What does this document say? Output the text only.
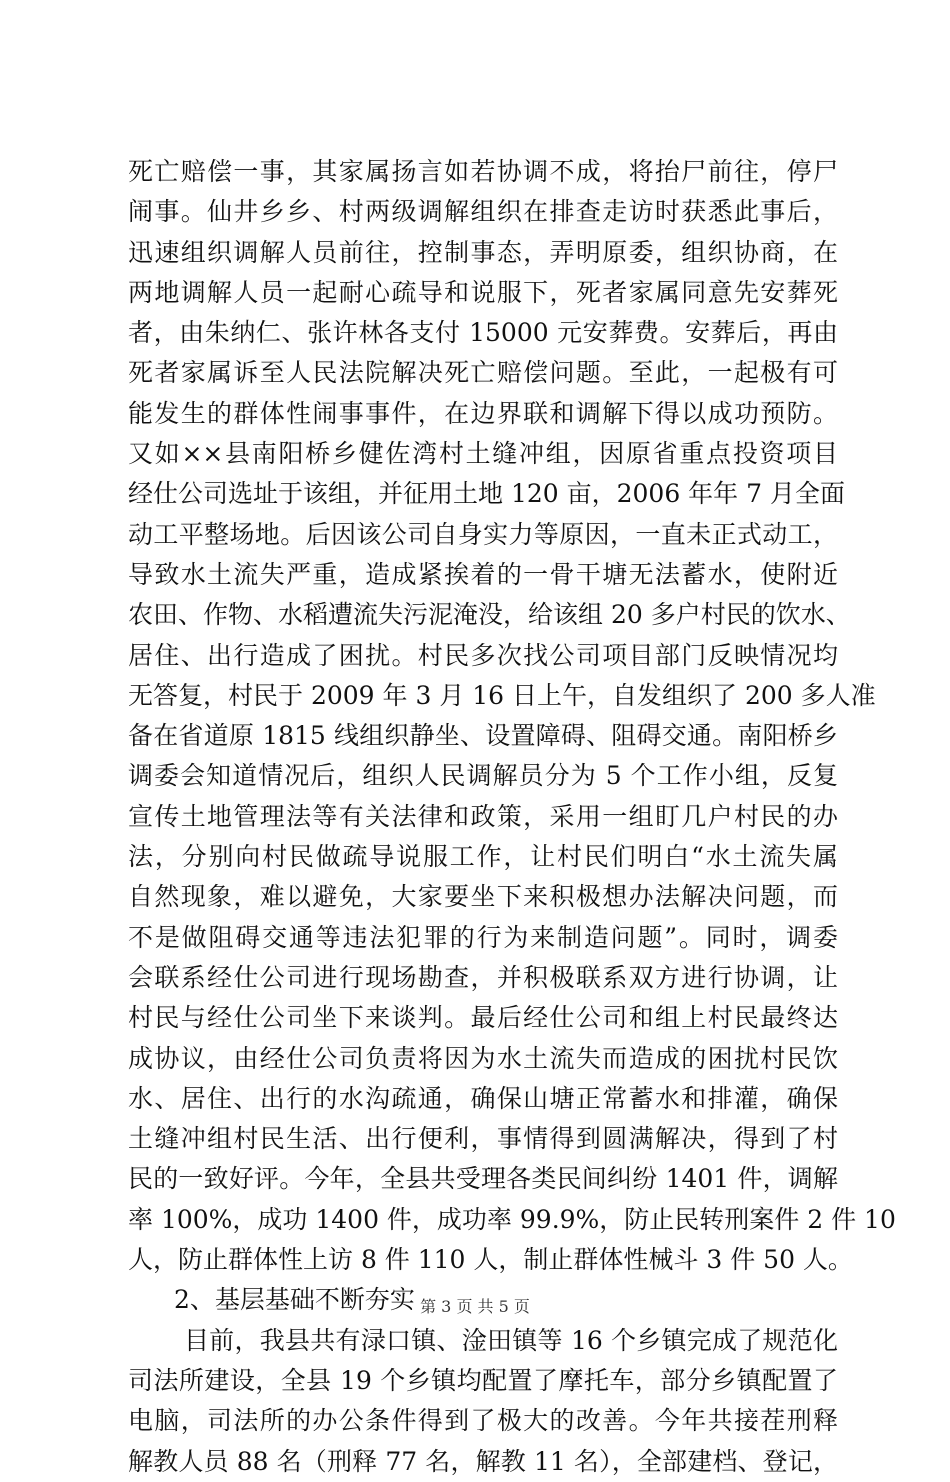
死亡赔偿一事，其家属扬言如若协调不成，将抬尸前往，停尸
闹事。仙井乡乡、村两级调解组织在排查走访时获悉此事后，
迅速组织调解人员前往，控制事态，弄明原委，组织协商，在
两地调解人员一起耐心疏导和说服下，死者家属同意先安葬死
者，由朱纳仁、张许林各支付 15000 元安葬费。安葬后，再由
死者家属诉至人民法院解决死亡赔偿问题。至此，一起极有可
能发生的群体性闹事事件，在边界联和调解下得以成功预防。
又如××县南阳桥乡健佐湾村土缝冲组，因原省重点投资项目
经仕公司选址于该组，并征用土地 120 亩，2006 年年 7 月全面
动工平整场地。后因该公司自身实力等原因，一直未正式动工，
导致水土流失严重，造成紧挨着的一骨干塘无法蓄水，使附近
农田、作物、水稻遭流失污泥淹没，给该组 20 多户村民的饮水、
居住、出行造成了困扰。村民多次找公司项目部门反映情况均
无答复，村民于 2009 年 3 月 16 日上午，自发组织了 200 多人准
备在省道原 1815 线组织静坐、设置障碍、阻碍交通。南阳桥乡
调委会知道情况后，组织人民调解员分为 5 个工作小组，反复
宣传土地管理法等有关法律和政策，采用一组盯几户村民的办
法，分别向村民做疏导说服工作，让村民们明白“水土流失属
自然现象，难以避免，大家要坐下来积极想办法解决问题，而
不是做阻碍交通等违法犯罪的行为来制造问题”。同时，调委
会联系经仕公司进行现场勘查，并积极联系双方进行协调，让
村民与经仕公司坐下来谈判。最后经仕公司和组上村民最终达
成协议，由经仕公司负责将因为水土流失而造成的困扰村民饮
水、居住、出行的水沟疏通，确保山塘正常蓄水和排灌，确保
土缝冲组村民生活、出行便利，事情得到圆满解决，得到了村
民的一致好评。今年，全县共受理各类民间纠纷 1401 件，调解
率 100%，成功 1400 件，成功率 99.9%，防止民转刑案件 2 件 10
人，防止群体性上访 8 件 110 人，制止群体性械斗 3 件 50 人。
2、基层基础不断夯实
目前，我县共有渌口镇、淦田镇等 16 个乡镇完成了规范化
司法所建设，全县 19 个乡镇均配置了摩托车，部分乡镇配置了
电脑，司法所的办公条件得到了极大的改善。今年共接茬刑释
解教人员 88 名（刑释 77 名，解教 11 名），全部建档、登记，
第 3 页 共 5 页
